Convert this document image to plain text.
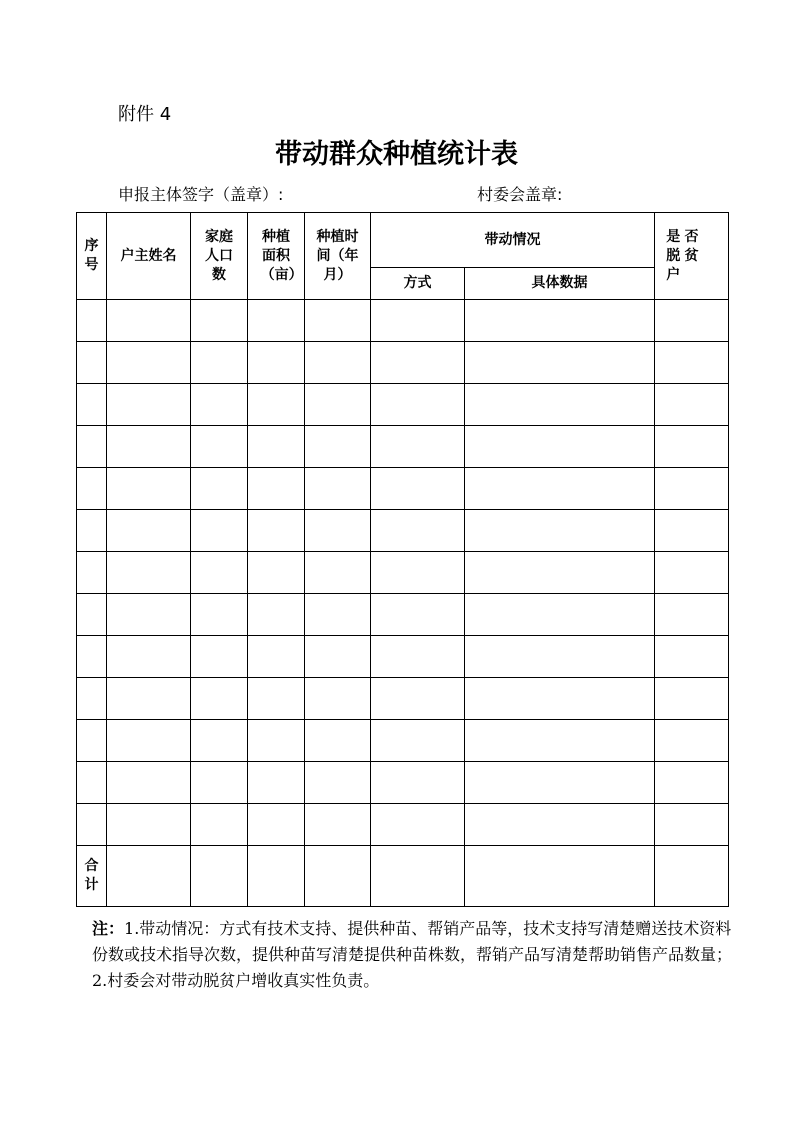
附件 4
带动群众种植统计表
申报主体签字（盖章）:	村委会盖章:
序号	户主姓名	家庭人口数	种植面积（亩）	种植时间（年月）	带动情况		是否脱贫户

					方式	具体数据	

合计							

注：1.带动情况：方式有技术支持、提供种苗、帮销产品等，技术支持写清楚赠送技术资料份数或技术指导次数，提供种苗写清楚提供种苗株数，帮销产品写清楚帮助销售产品数量；2.村委会对带动脱贫户增收真实性负责。
